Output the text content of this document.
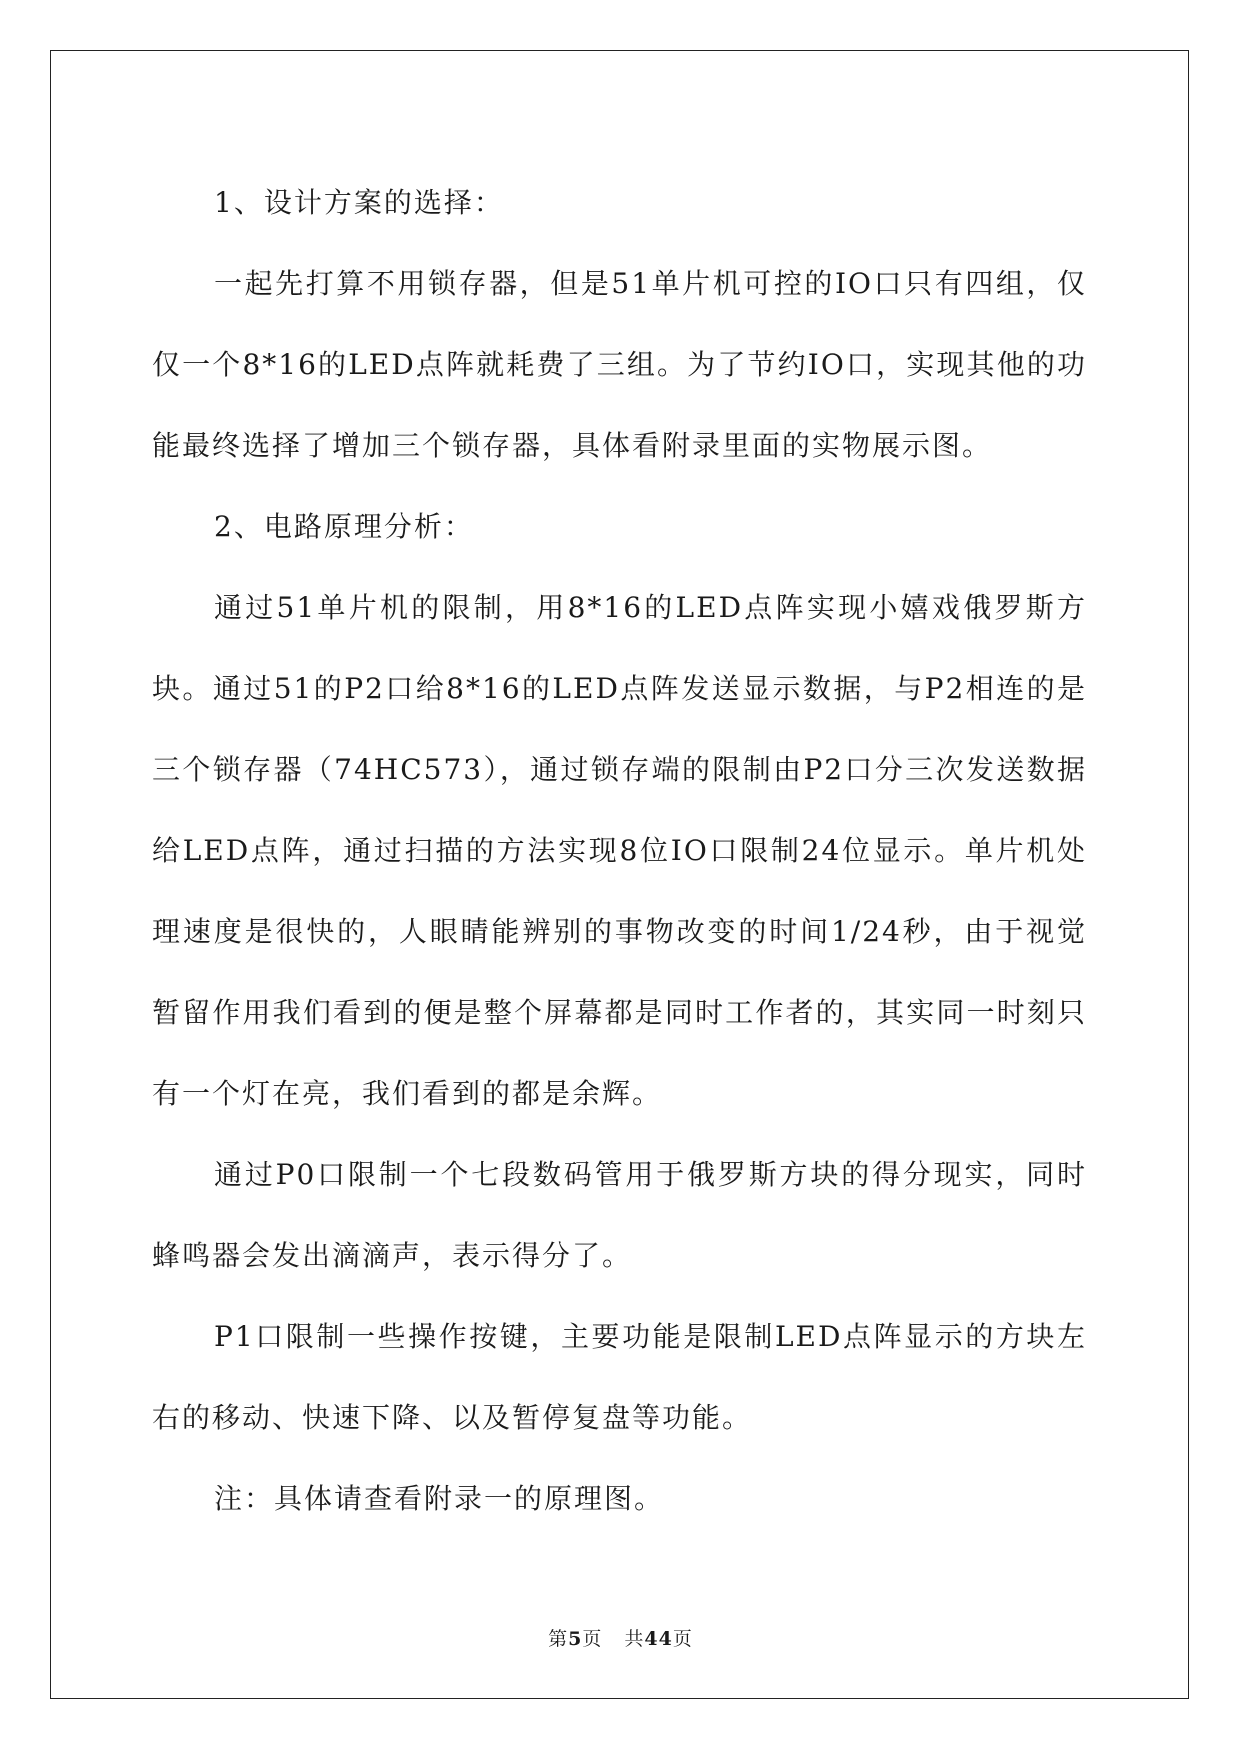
1、设计方案的选择：

一起先打算不用锁存器，但是51单片机可控的IO口只有四组，仅仅一个8*16的LED点阵就耗费了三组。为了节约IO口，实现其他的功能最终选择了增加三个锁存器，具体看附录里面的实物展示图。

2、电路原理分析：

通过51单片机的限制，用8*16的LED点阵实现小嬉戏俄罗斯方块。通过51的P2口给8*16的LED点阵发送显示数据，与P2相连的是三个锁存器（74HC573），通过锁存端的限制由P2口分三次发送数据给LED点阵，通过扫描的方法实现8位IO口限制24位显示。单片机处理速度是很快的，人眼睛能辨别的事物改变的时间1/24秒，由于视觉暂留作用我们看到的便是整个屏幕都是同时工作者的，其实同一时刻只有一个灯在亮，我们看到的都是余辉。

通过P0口限制一个七段数码管用于俄罗斯方块的得分现实，同时蜂鸣器会发出滴滴声，表示得分了。

P1口限制一些操作按键，主要功能是限制LED点阵显示的方块左右的移动、快速下降、以及暂停复盘等功能。

注：具体请查看附录一的原理图。

第5页 共44页
